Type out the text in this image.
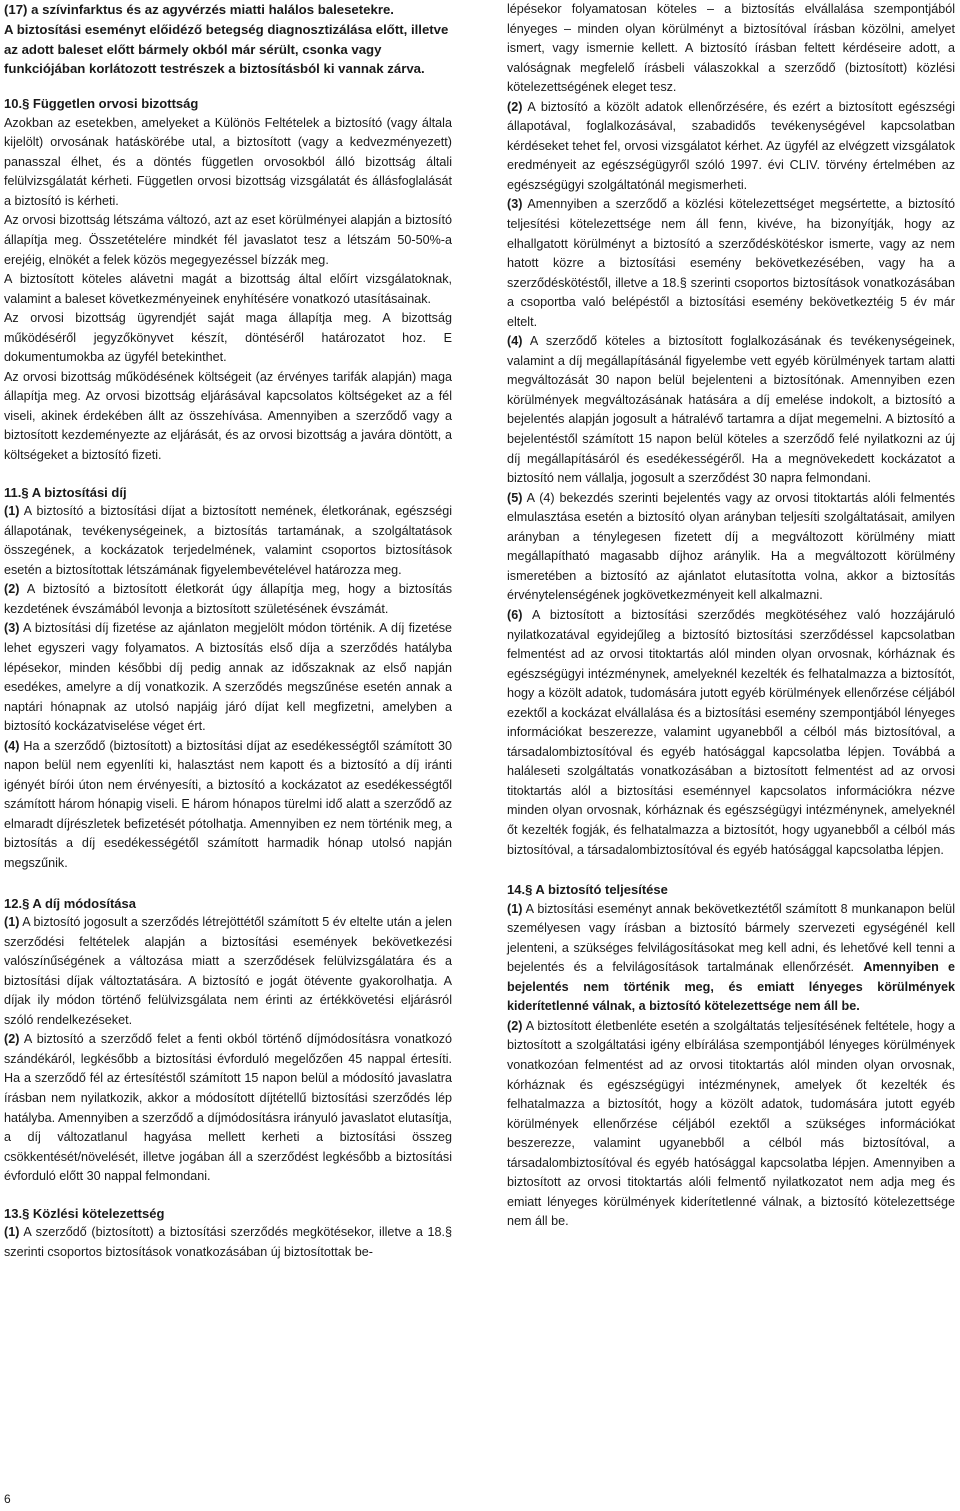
(17) a szívinfarktus és az agyvérzés miatti halálos balesetekre.

A biztosítási eseményt előidéző betegség diagnosztizálása előtt, illetve az adott baleset előtt bármely okból már sérült, csonka vagy funkciójában korlátozott testrészek a biztosításból ki vannak zárva.

10.§ Független orvosi bizottság

Azokban az esetekben, amelyeket a Különös Feltételek a biztosító (vagy általa kijelölt) orvosának hatáskörébe utal, a biztosított (vagy a kedvezményezett) panasszal élhet, és a döntés független orvosokból álló bizottság általi felülvizsgálatát kérheti. Független orvosi bizottság vizsgálatát és állásfoglalását a biztosító is kérheti.

Az orvosi bizottság létszáma változó, azt az eset körülményei alapján a biztosító állapítja meg. Összetételére mindkét fél javaslatot tesz a létszám 50-50%-a erejéig, elnökét a felek közös megegyezéssel bízzák meg.

A biztosított köteles alávetni magát a bizottság által előírt vizsgálatoknak, valamint a baleset következményeinek enyhítésére vonatkozó utasításainak.

Az orvosi bizottság ügyrendjét saját maga állapítja meg. A bizottság működéséről jegyzőkönyvet készít, döntéséről határozatot hoz. E dokumentumokba az ügyfél betekinthet.

Az orvosi bizottság működésének költségeit (az érvényes tarifák alapján) maga állapítja meg. Az orvosi bizottság eljárásával kapcsolatos költségeket az a fél viseli, akinek érdekében állt az összehívása. Amennyiben a szerződő vagy a biztosított kezdeményezte az eljárását, és az orvosi bizottság a javára döntött, a költségeket a biztosító fizeti.

11.§ A biztosítási díj

(1) A biztosító a biztosítási díjat a biztosított nemének, életkorának, egészségi állapotának, tevékenységeinek, a biztosítás tartamának, a szolgáltatások összegének, a kockázatok terjedelmének, valamint csoportos biztosítások esetén a biztosítottak létszámának figyelembevételével határozza meg.

(2) A biztosító a biztosított életkorát úgy állapítja meg, hogy a biztosítás kezdetének évszámából levonja a biztosított születésének évszámát.

(3) A biztosítási díj fizetése az ajánlaton megjelölt módon történik. A díj fizetése lehet egyszeri vagy folyamatos. A biztosítás első díja a szerződés hatályba lépésekor, minden későbbi díj pedig annak az időszaknak az első napján esedékes, amelyre a díj vonatkozik. A szerződés megszűnése esetén annak a naptári hónapnak az utolsó napjáig járó díjat kell megfizetni, amelyben a biztosító kockázatviselése véget ért.

(4) Ha a szerződő (biztosított) a biztosítási díjat az esedékességtől számított 30 napon belül nem egyenlíti ki, halasztást nem kapott és a biztosító a díj iránti igényét bírói úton nem érvényesíti, a biztosító a kockázatot az esedékességtől számított három hónapig viseli. E három hónapos türelmi idő alatt a szerződő az elmaradt díjrészletek befizetését pótolhatja. Amennyiben ez nem történik meg, a biztosítás a díj esedékességétől számított harmadik hónap utolsó napján megszűnik.

12.§ A díj módosítása

(1) A biztosító jogosult a szerződés létrejöttétől számított 5 év eltelte után a jelen szerződési feltételek alapján a biztosítási események bekövetkezési valószínűségének a változása miatt a szerződések felülvizsgálatára és a biztosítási díjak változtatására. A biztosító e jogát ötévente gyakorolhatja. A díjak ily módon történő felülvizsgálata nem érinti az értékkövetési eljárásról szóló rendelkezéseket.

(2) A biztosító a szerződő felet a fenti okból történő díjmódosításra vonatkozó szándékáról, legkésőbb a biztosítási évforduló megelőzően 45 nappal értesíti. Ha a szerződő fél az értesítéstől számított 15 napon belül a módosító javaslatra írásban nem nyilatkozik, akkor a módosított díjtétellű biztosítási szerződés lép hatályba. Amennyiben a szerződő a díjmódosításra irányuló javaslatot elutasítja, a díj változatlanul hagyása mellett kerheti a biztosítási összeg csökkentését/növelését, illetve jogában áll a szerződést legkésőbb a biztosítási évforduló előtt 30 nappal felmondani.

13.§ Közlési kötelezettség

(1) A szerződő (biztosított) a biztosítási szerződés megkötésekor, illetve a 18.§ szerinti csoportos biztosítások vonatkozásában új biztosítottak be-

lépésekor folyamatosan köteles – a biztosítás elvállalása szempontjából lényeges – minden olyan körülményt a biztosítóval írásban közölni, amelyet ismert, vagy ismernie kellett. A biztosító írásban feltett kérdéseire adott, a valóságnak megfelelő írásbeli válaszokkal a szerződő (biztosított) közlési kötelezettségének eleget tesz.

(2) A biztosító a közölt adatok ellenőrzésére, és ezért a biztosított egészségi állapotával, foglalkozásával, szabadidős tevékenységével kapcsolatban kérdéseket tehet fel, orvosi vizsgálatot kérhet. Az ügyfél az elvégzett vizsgálatok eredményeit az egészségügyről szóló 1997. évi CLIV. törvény értelmében az egészségügyi szolgáltatónál megismerheti.

(3) Amennyiben a szerződő a közlési kötelezettséget megsértette, a biztosító teljesítési kötelezettsége nem áll fenn, kivéve, ha bizonyítják, hogy az elhallgatott körülményt a biztosító a szerződéskötéskor ismerte, vagy az nem hatott közre a biztosítási esemény bekövetkezésében, vagy ha a szerződéskötéstől, illetve a 18.§ szerinti csoportos biztosítások vonatkozásában a csoportba való belépéstől a biztosítási esemény bekövetkeztéig 5 év már eltelt.

(4) A szerződő köteles a biztosított foglalkozásának és tevékenységeinek, valamint a díj megállapításánál figyelembe vett egyéb körülmények tartam alatti megváltozását 30 napon belül bejelenteni a biztosítónak. Amennyiben ezen körülmények megváltozásának hatására a díj emelése indokolt, a biztosító a bejelentés alapján jogosult a hátralévő tartamra a díjat megemelni. A biztosító a bejelentéstől számított 15 napon belül köteles a szerződő felé nyilatkozni az új díj megállapításáról és esedékességéről. Ha a megnövekedett kockázatot a biztosító nem vállalja, jogosult a szerződést 30 napra felmondani.

(5) A (4) bekezdés szerinti bejelentés vagy az orvosi titoktartás alóli felmentés elmulasztása esetén a biztosító olyan arányban teljesíti szolgáltatásait, amilyen arányban a ténylegesen fizetett díj a megváltozott körülmény miatt megállapítható magasabb díjhoz aránylik. Ha a megváltozott körülmény ismeretében a biztosító az ajánlatot elutasította volna, akkor a biztosítás érvénytelenségének jogkövetkezményeit kell alkalmazni.

(6) A biztosított a biztosítási szerződés megkötéséhez való hozzájáruló nyilatkozatával egyidejűleg a biztosító biztosítási szerződéssel kapcsolatban felmentést ad az orvosi titoktartás alól minden olyan orvosnak, kórháznak és egészségügyi intézménynek, amelyeknél kezelték és felhatalmazza a biztosítót, hogy a közölt adatok, tudomására jutott egyéb körülmények ellenőrzése céljából ezektől a kockázat elvállalása és a biztosítási esemény szempontjából lényeges információkat beszerezze, valamint ugyanebből a célból más biztosítóval, a társadalombiztosítóval és egyéb hatósággal kapcsolatba lépjen. Továbbá a haláleseti szolgáltatás vonatkozásában a biztosított felmentést ad az orvosi titoktartás alól a biztosítási eseménnyel kapcsolatos információkra nézve minden olyan orvosnak, kórháznak és egészségügyi intézménynek, amelyeknél őt kezelték fogják, és felhatalmazza a biztosítót, hogy ugyanebből a célból más biztosítóval, a társadalombiztosítóval és egyéb hatósággal kapcsolatba lépjen.

14.§ A biztosító teljesítése

(1) A biztosítási eseményt annak bekövetkeztétől számított 8 munkanapon belül személyesen vagy írásban a biztosító bármely szervezeti egységénél kell jelenteni, a szükséges felvilágosításokat meg kell adni, és lehetővé kell tenni a bejelentés és a felvilágosítások tartalmának ellenőrzését. Amennyiben e bejelentés nem történik meg, és emiatt lényeges körülmények kiderítetlenné válnak, a biztosító kötelezettsége nem áll be.

(2) A biztosított életbenléte esetén a szolgáltatás teljesítésének feltétele, hogy a biztosított a szolgáltatási igény elbírálása szempontjából lényeges körülmények vonatkozóan felmentést ad az orvosi titoktartás alól minden olyan orvosnak, kórháznak és egészségügyi intézménynek, amelyek őt kezelték és felhatalmazza a biztosítót, hogy a közölt adatok, tudomására jutott egyéb körülmények ellenőrzése céljából ezektől a szükséges információkat beszerezze, valamint ugyanebből a célból más biztosítóval, a társadalombiztosítóval és egyéb hatósággal kapcsolatba lépjen. Amennyiben a biztosított az orvosi titoktartás alóli felmentő nyilatkozatot nem adja meg és emiatt lényeges körülmények kiderítetlenné válnak, a biztosító kötelezettsége nem áll be.

6
